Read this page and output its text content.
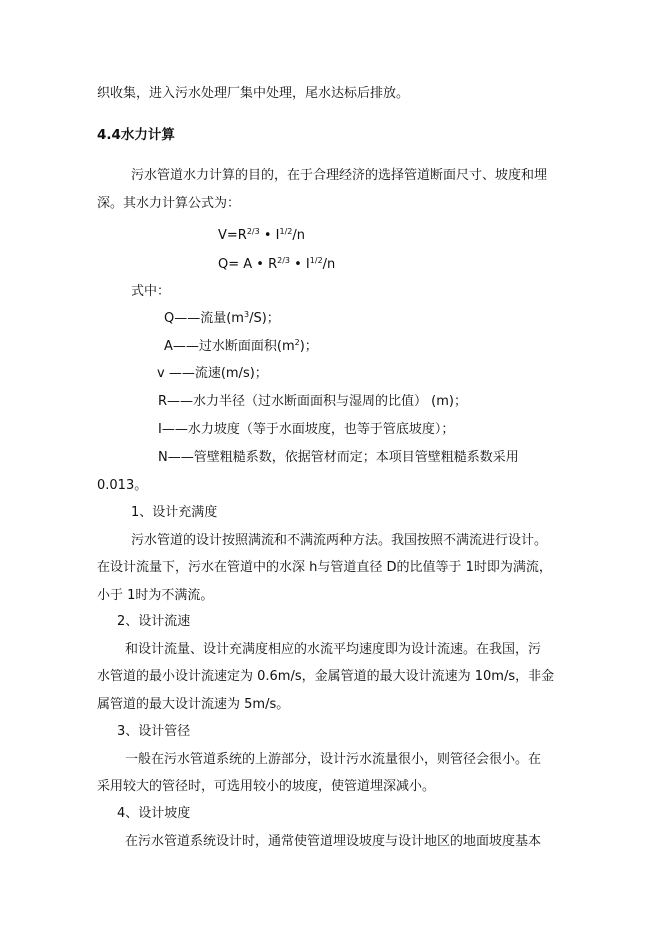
织收集，进入污水处理厂集中处理，尾水达标后排放。
4.4水力计算
污水管道水力计算的目的，在于合理经济的选择管道断面尺寸、坡度和埋
深。其水力计算公式为：
$V=R^{2/3}$ • $I^{1/2}/n$
Q= A • $R^{2/3}$ • $I^{1/2}/n$
式中：
Q——流量$(m^3/S)$；
A——过水断面面积$(m^2)$；
v ——流速(m/s)；
R——水力半径（过水断面面积与湿周的比值） (m)；
I——水力坡度（等于水面坡度，也等于管底坡度）；
N——管壁粗糙系数，依据管材而定；本项目管壁粗糙系数采用
0.013。
1、设计充满度
污水管道的设计按照满流和不满流两种方法。我国按照不满流进行设计。
在设计流量下，污水在管道中的水深 h与管道直径 D的比值等于 1时即为满流，
小于 1时为不满流。
2、设计流速
和设计流量、设计充满度相应的水流平均速度即为设计流速。在我国，污
水管道的最小设计流速定为 0.6m/s，金属管道的最大设计流速为 10m/s，非金
属管道的最大设计流速为 5m/s。
3、设计管径
一般在污水管道系统的上游部分，设计污水流量很小，则管径会很小。在
采用较大的管径时，可选用较小的坡度，使管道埋深减小。
4、设计坡度
在污水管道系统设计时，通常使管道埋设坡度与设计地区的地面坡度基本
